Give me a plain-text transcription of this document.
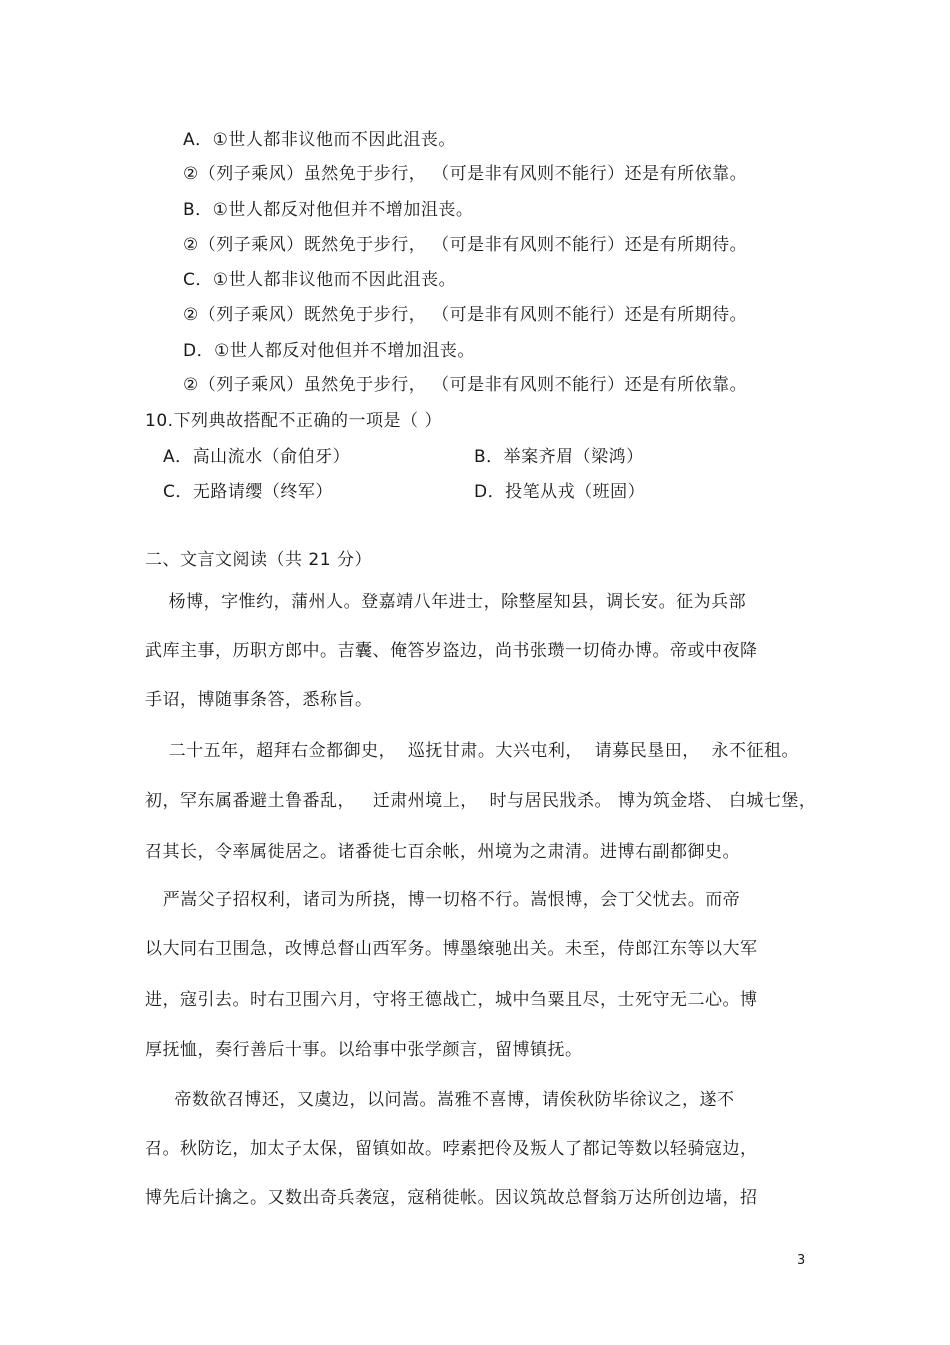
A．①世人都非议他而不因此沮丧。
②（列子乘风）虽然免于步行， （可是非有风则不能行）还是有所依靠。
B．①世人都反对他但并不增加沮丧。
②（列子乘风）既然免于步行， （可是非有风则不能行）还是有所期待。
C．①世人都非议他而不因此沮丧。
②（列子乘风）既然免于步行， （可是非有风则不能行）还是有所期待。
D．①世人都反对他但并不增加沮丧。
②（列子乘风）虽然免于步行， （可是非有风则不能行）还是有所依靠。
10.下列典故搭配不正确的一项是（ ）
A．高山流水（俞伯牙）	B．举案齐眉（梁鸿）
C．无路请缨（终军）	D．投笔从戎（班固）
二、文言文阅读（共 21 分）
杨博，字惟约，蒲州人。登嘉靖八年进士，除整屋知县，调长安。征为兵部
武库主事，历职方郎中。吉囊、俺答岁盗边，尚书张瓒一切倚办博。帝或中夜降
手诏，博随事条答，悉称旨。
二十五年，超拜右佥都御史，  巡抚甘肃。大兴屯利，  请募民垦田，  永不征租。
初，罕东属番避土鲁番乱，   迁肃州境上，  时与居民戕杀。 博为筑金塔、 白城七堡，
召其长，令率属徙居之。诸番徙七百余帐，州境为之肃清。进博右副都御史。
严嵩父子招权利，诸司为所挠，博一切格不行。嵩恨博，会丁父忧去。而帝
以大同右卫围急，改博总督山西军务。博墨缞驰出关。未至，侍郎江东等以大军
进，寇引去。时右卫围六月，守将王德战亡，城中刍粟且尽，士死守无二心。博
厚抚恤，奏行善后十事。以给事中张学颜言，留博镇抚。
帝数欲召博还，又虞边，以问嵩。嵩雅不喜博，请俟秋防毕徐议之，遂不
召。秋防讫，加太子太保，留镇如故。哱素把伶及叛人了都记等数以轻骑寇边，
博先后计擒之。又数出奇兵袭寇，寇稍徙帐。因议筑故总督翁万达所创边墙，招
3
